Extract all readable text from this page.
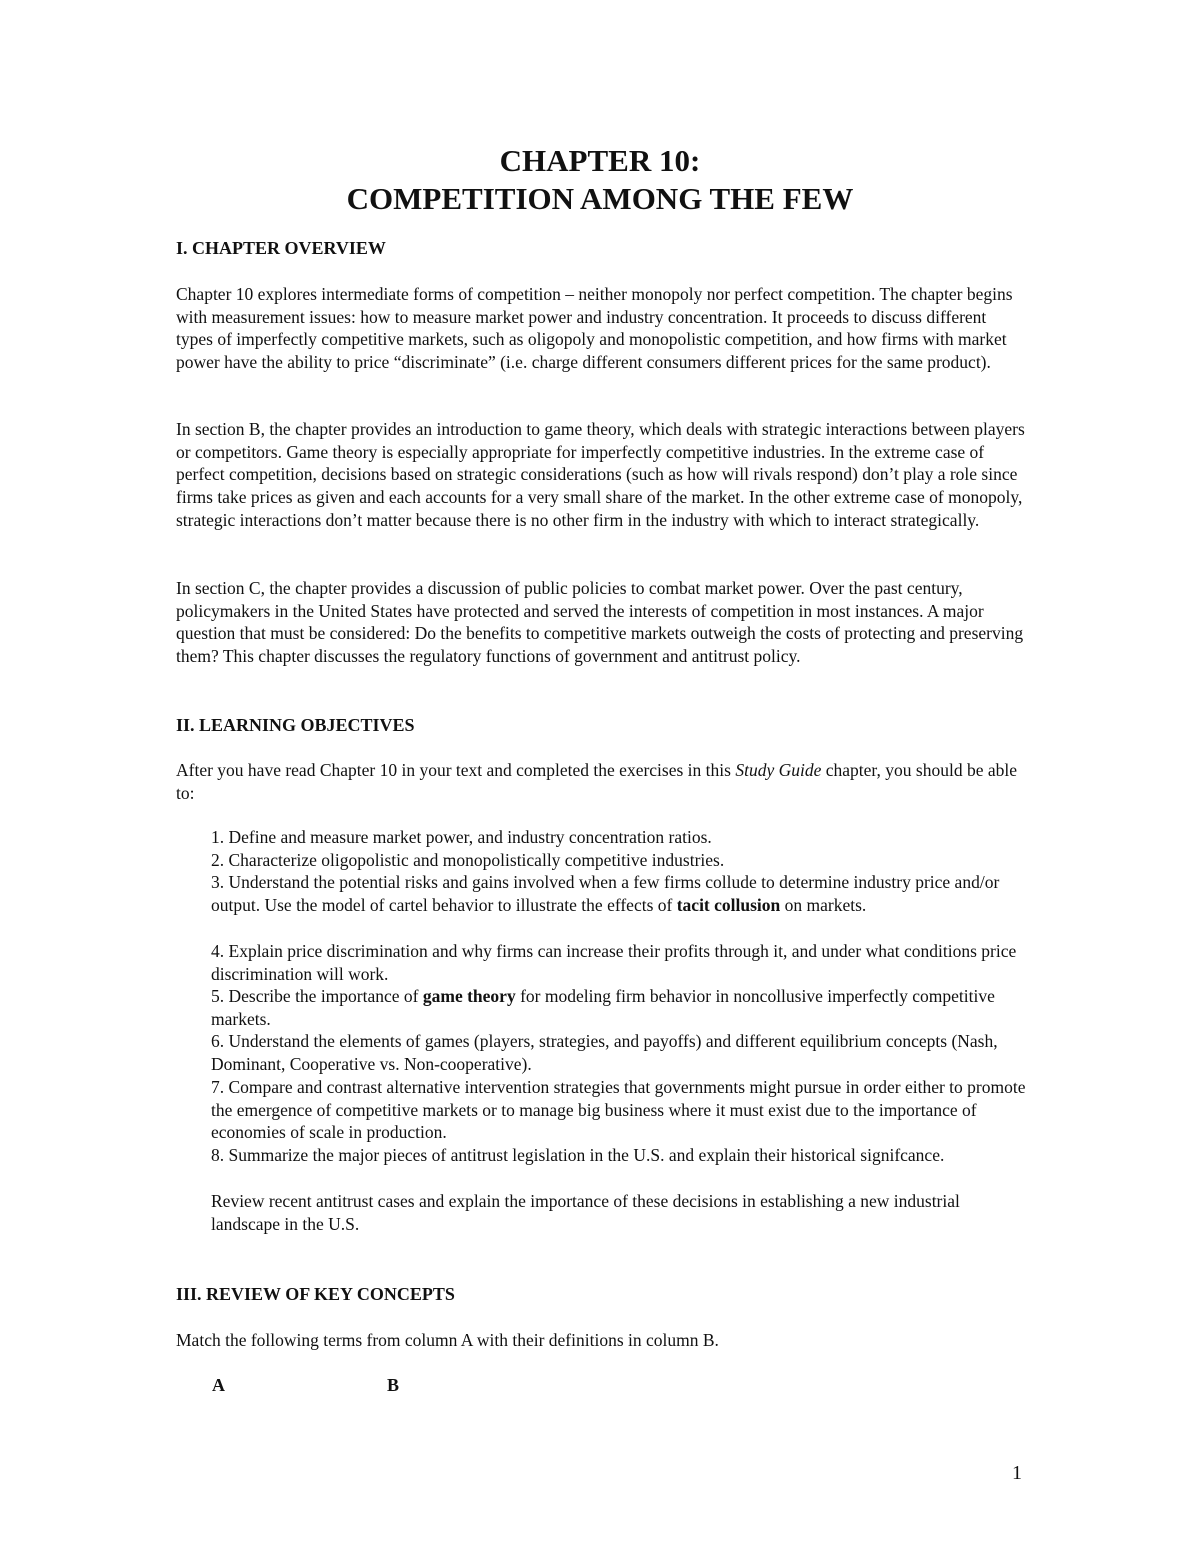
CHAPTER 10:
COMPETITION AMONG THE FEW
I. CHAPTER OVERVIEW
Chapter 10 explores intermediate forms of competition – neither monopoly nor perfect competition. The chapter begins with measurement issues: how to measure market power and industry concentration. It proceeds to discuss different types of imperfectly competitive markets, such as oligopoly and monopolistic competition, and how firms with market power have the ability to price “discriminate” (i.e. charge different consumers different prices for the same product).
In section B, the chapter provides an introduction to game theory, which deals with strategic interactions between players or competitors. Game theory is especially appropriate for imperfectly competitive industries. In the extreme case of perfect competition, decisions based on strategic considerations (such as how will rivals respond) don’t play a role since firms take prices as given and each accounts for a very small share of the market. In the other extreme case of monopoly, strategic interactions don’t matter because there is no other firm in the industry with which to interact strategically.
In section C, the chapter provides a discussion of public policies to combat market power. Over the past century, policymakers in the United States have protected and served the interests of competition in most instances. A major question that must be considered: Do the benefits to competitive markets outweigh the costs of protecting and preserving them? This chapter discusses the regulatory functions of government and antitrust policy.
II. LEARNING OBJECTIVES
After you have read Chapter 10 in your text and completed the exercises in this Study Guide chapter, you should be able to:
1. Define and measure market power, and industry concentration ratios.
2. Characterize oligopolistic and monopolistically competitive industries.
3. Understand the potential risks and gains involved when a few firms collude to determine industry price and/or output. Use the model of cartel behavior to illustrate the effects of tacit collusion on markets.
4. Explain price discrimination and why firms can increase their profits through it, and under what conditions price discrimination will work.
5. Describe the importance of game theory for modeling firm behavior in noncollusive imperfectly competitive markets.
6. Understand the elements of games (players, strategies, and payoffs) and different equilibrium concepts (Nash, Dominant, Cooperative vs. Non-cooperative).
7. Compare and contrast alternative intervention strategies that governments might pursue in order either to promote the emergence of competitive markets or to manage big business where it must exist due to the importance of economies of scale in production.
8. Summarize the major pieces of antitrust legislation in the U.S. and explain their historical signifcance.
Review recent antitrust cases and explain the importance of these decisions in establishing a new industrial landscape in the U.S.
III. REVIEW OF KEY CONCEPTS
Match the following terms from column A with their definitions in column B.
A	B
1
